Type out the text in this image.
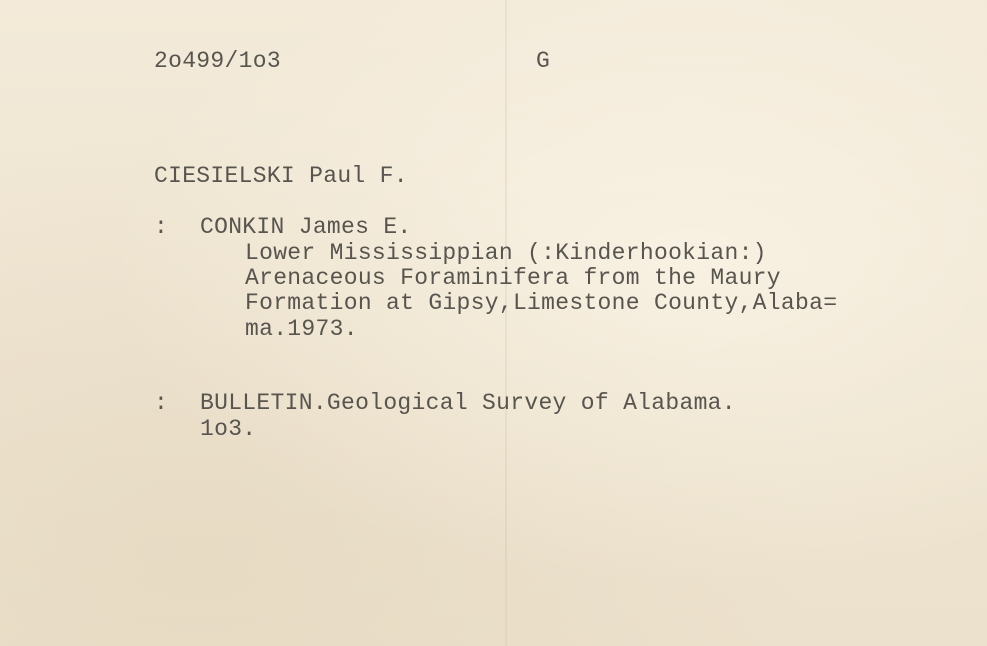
2o499/1o3	G
CIESIELSKI Paul F.
: CONKIN James E.
Lower Mississippian (:Kinderhookian:)
Arenaceous Foraminifera from the Maury
Formation at Gipsy,Limestone County,Alaba=
ma.1973.
: BULLETIN.Geological Survey of Alabama.
1o3.
